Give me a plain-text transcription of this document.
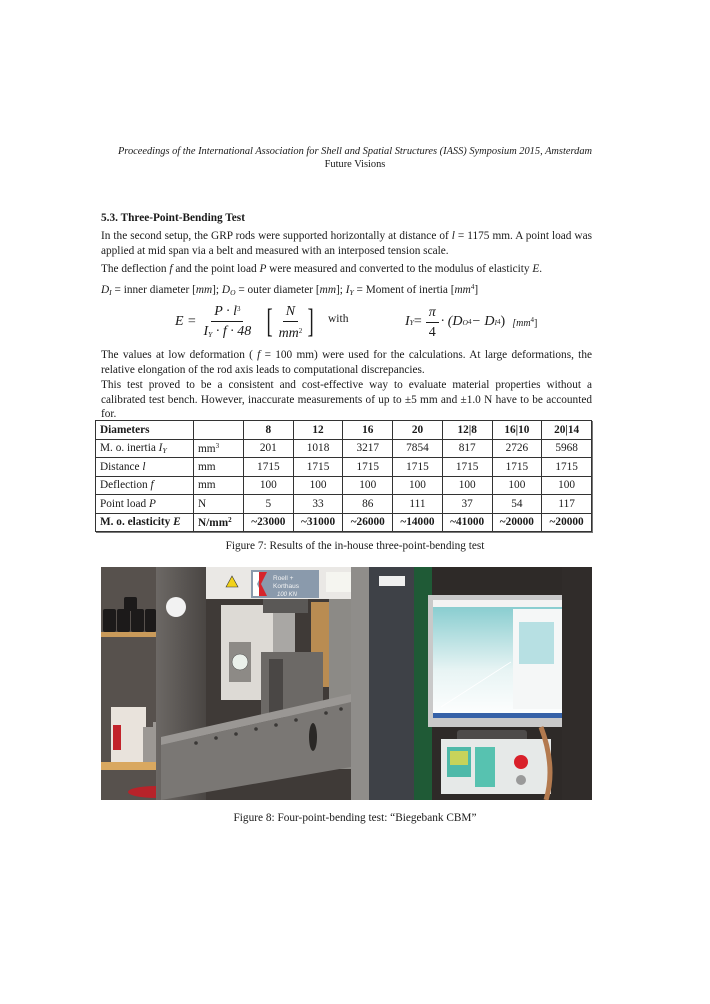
Proceedings of the International Association for Shell and Spatial Structures (IASS) Symposium 2015, Amsterdam
Future Visions
5.3. Three-Point-Bending Test
In the second setup, the GRP rods were supported horizontally at distance of l = 1175 mm. A point load was applied at mid span via a belt and measured with an interposed tension scale.
The deflection f and the point load P were measured and converted to the modulus of elasticity E.
$D_I$ = inner diameter [mm]; $D_O$ = outer diameter [mm]; $I_Y$ = Moment of inertia $[mm^4]$
$E = \frac{P \cdot l^3}{I_Y \cdot f \cdot 48}$ [ $\frac{N}{mm^2}$ ] with	I $Y = \frac{\pi}{4} \cdot (D$ O 4 − D I 4 ) $[mm^4]$
The values at low deformation ( f = 100 mm) were used for the calculations. At large deformations, the relative elongation of the rod axis leads to computational discrepancies.
This test proved to be a consistent and cost-effective way to evaluate material properties without a calibrated test bench. However, inaccurate measurements of up to ±5 mm and ±1.0 N have to be accounted for.
Diameters		8	12	16	20	12|8	16|10	20|14
M. o. inertia $I_Y$	$mm^3$	201	1018	3217	7854	817	2726	5968
Distance l	mm	1715	1715	1715	1715	1715	1715	1715
Deflection f	mm	100	100	100	100	100	100	100
Point load P	N	5	33	86	111	37	54	117
M. o. elasticity E	$N/mm^2$	~23000	~31000	~26000	~14000	~41000	~20000	~20000
Figure 7: Results of the in-house three-point-bending test
Roell +
Korthaus
100 KN
Figure 8: Four-point-bending test: “Biegebank CBM”
